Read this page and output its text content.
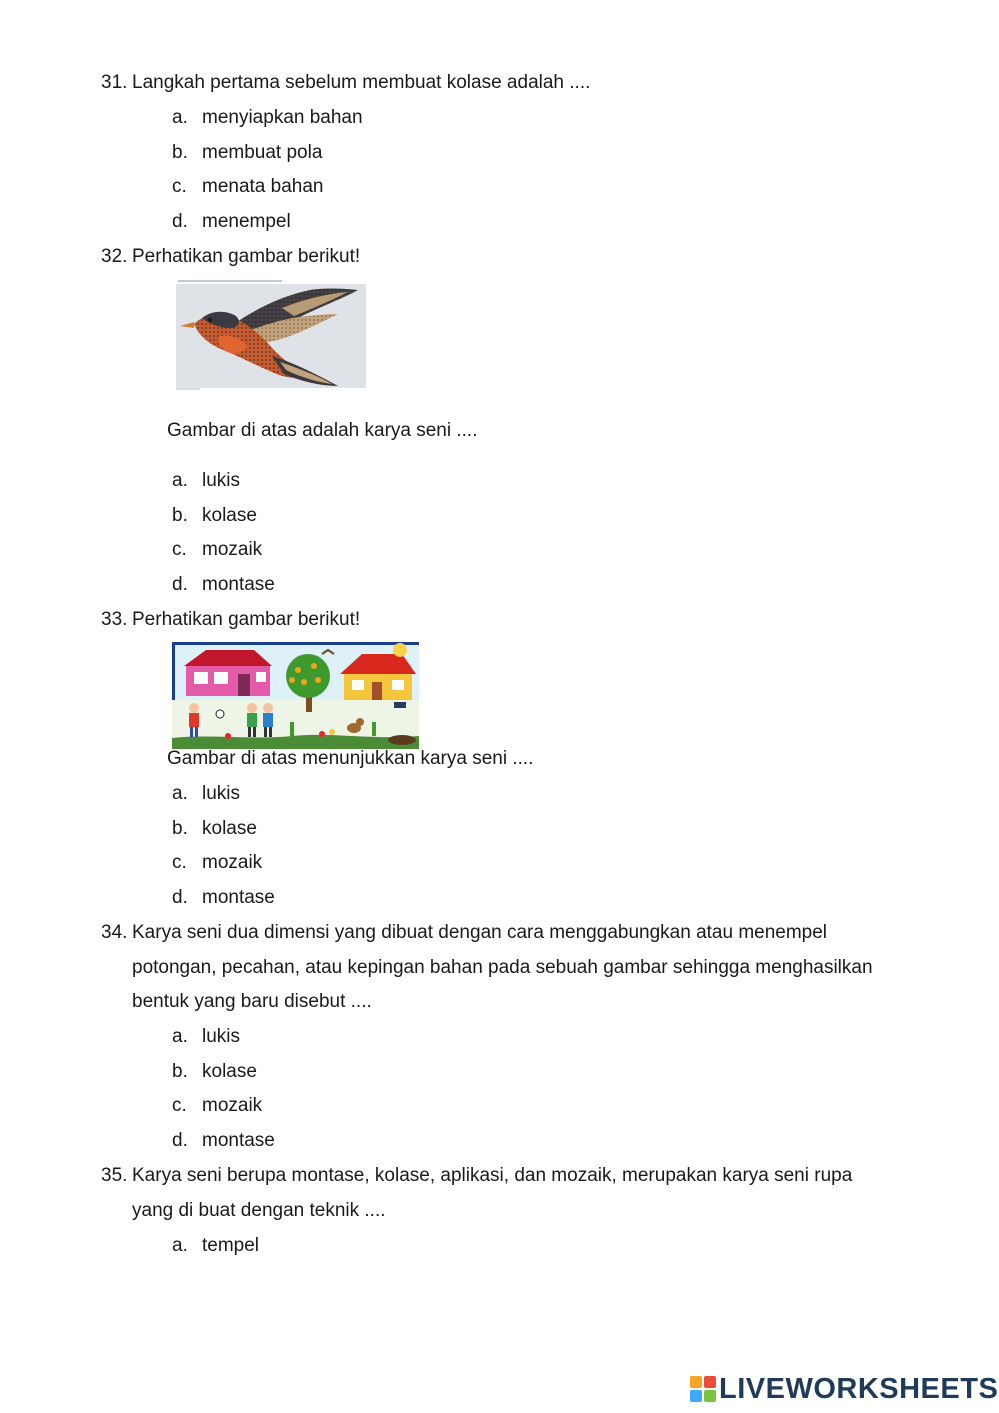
31. Langkah pertama sebelum membuat kolase adalah ....
a. menyiapkan bahan
b. membuat pola
c. menata bahan
d. menempel
32. Perhatikan gambar berikut!
Gambar di atas adalah karya seni ....
a. lukis
b. kolase
c. mozaik
d. montase
33. Perhatikan gambar berikut!
Gambar di atas menunjukkan karya seni ....
a. lukis
b. kolase
c. mozaik
d. montase
34. Karya seni dua dimensi yang dibuat dengan cara menggabungkan atau menempel
potongan, pecahan, atau kepingan bahan pada sebuah gambar sehingga menghasilkan
bentuk yang baru disebut ....
a. lukis
b. kolase
c. mozaik
d. montase
35. Karya seni berupa montase, kolase, aplikasi, dan mozaik, merupakan karya seni rupa
yang di buat dengan teknik ....
a. tempel
LIVEWORKSHEETS
